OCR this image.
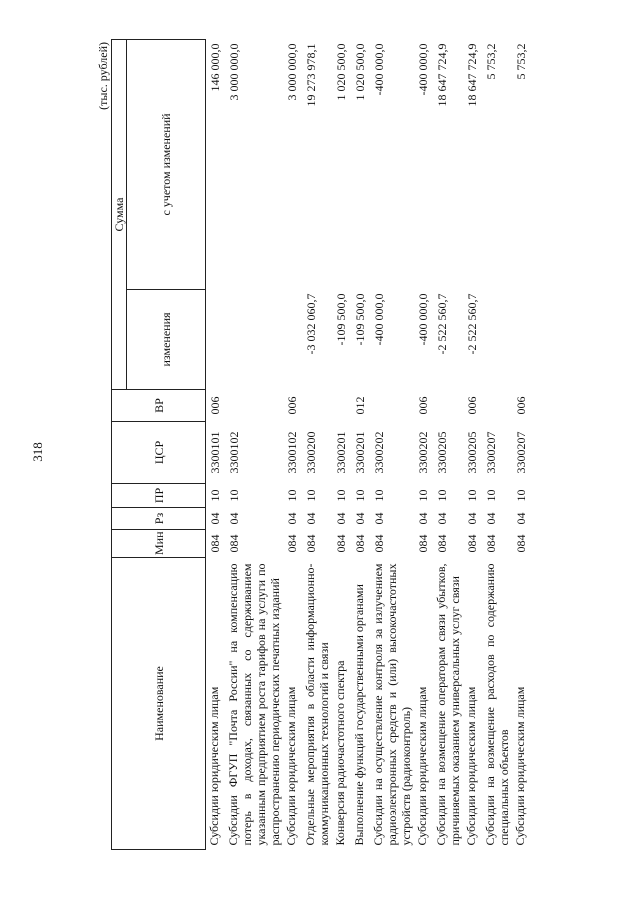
318
(тыс. рублей)
Наименование	Мин	Рз	ПР	ЦСР	ВР	Сумма	
						изменения	с учетом изменений
Субсидии юридическим лицам	084	04	10	3300101	006		146 000,0
Субсидии ФГУП "Почта России" на компенсацию потерь в доходах, связанных со сдерживанием указанным предприятием роста тарифов на услуги по распространению периодических печатных изданий	084	04	10	3300102			3 000 000,0
Субсидии юридическим лицам	084	04	10	3300102	006		3 000 000,0
Отдельные мероприятия в области информационно-коммуникационных технологий и связи	084	04	10	3300200		-3 032 060,7	19 273 978,1
Конверсия радиочастотного спектра	084	04	10	3300201		-109 500,0	1 020 500,0
Выполнение функций государственными органами	084	04	10	3300201	012	-109 500,0	1 020 500,0
Субсидии на осуществление контроля за излучением радиоэлектронных средств и (или) высокочастотных устройств (радиоконтроль)	084	04	10	3300202		-400 000,0	-400 000,0
Субсидии юридическим лицам	084	04	10	3300202	006	-400 000,0	-400 000,0
Субсидии на возмещение операторам связи убытков, причиняемых оказанием универсальных услуг связи	084	04	10	3300205		-2 522 560,7	18 647 724,9
Субсидии юридическим лицам	084	04	10	3300205	006	-2 522 560,7	18 647 724,9
Субсидии на возмещение расходов по содержанию специальных объектов	084	04	10	3300207			5 753,2
Субсидии юридическим лицам	084	04	10	3300207	006		5 753,2
